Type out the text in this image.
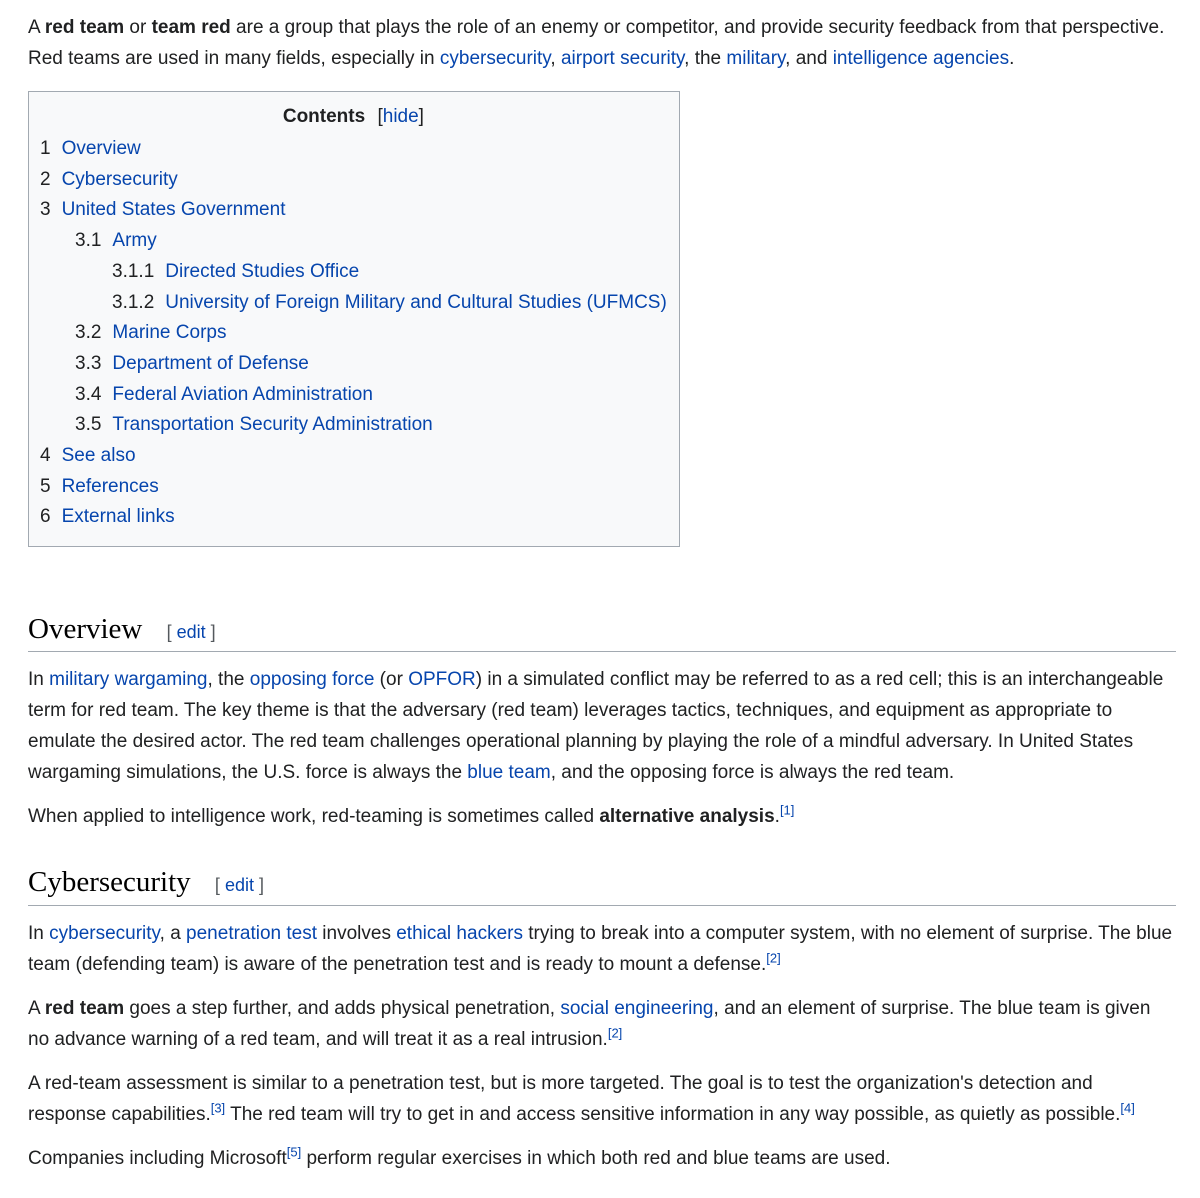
A red team or team red are a group that plays the role of an enemy or competitor, and provide security feedback from that perspective. Red teams are used in many fields, especially in cybersecurity, airport security, the military, and intelligence agencies.

Contents [hide]
1 Overview
2 Cybersecurity
3 United States Government
3.1 Army
3.1.1 Directed Studies Office
3.1.2 University of Foreign Military and Cultural Studies (UFMCS)
3.2 Marine Corps
3.3 Department of Defense
3.4 Federal Aviation Administration
3.5 Transportation Security Administration
4 See also
5 References
6 External links
Overview [ edit ]

In military wargaming, the opposing force (or OPFOR) in a simulated conflict may be referred to as a red cell; this is an interchangeable term for red team. The key theme is that the adversary (red team) leverages tactics, techniques, and equipment as appropriate to emulate the desired actor. The red team challenges operational planning by playing the role of a mindful adversary. In United States wargaming simulations, the U.S. force is always the blue team, and the opposing force is always the red team.

When applied to intelligence work, red-teaming is sometimes called alternative analysis.[1]

Cybersecurity [ edit ]

In cybersecurity, a penetration test involves ethical hackers trying to break into a computer system, with no element of surprise. The blue team (defending team) is aware of the penetration test and is ready to mount a defense.[2]

A red team goes a step further, and adds physical penetration, social engineering, and an element of surprise. The blue team is given no advance warning of a red team, and will treat it as a real intrusion.[2]

A red-team assessment is similar to a penetration test, but is more targeted. The goal is to test the organization's detection and response capabilities.[3] The red team will try to get in and access sensitive information in any way possible, as quietly as possible.[4]

Companies including Microsoft[5] perform regular exercises in which both red and blue teams are used.
